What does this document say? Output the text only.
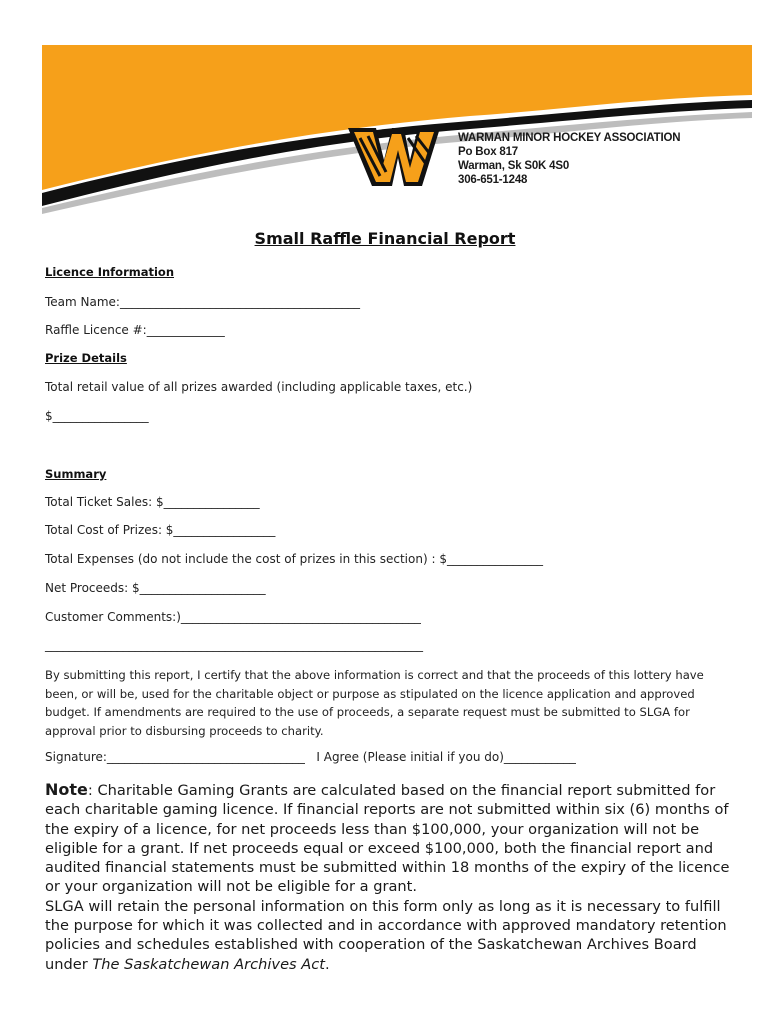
WARMAN MINOR HOCKEY ASSOCIATION
Po Box 817
Warman, Sk S0K 4S0
306-651-1248
Small Raffle Financial Report
Licence Information
Team Name:________________________________________
Raffle Licence #:_____________
Prize Details
Total retail value of all prizes awarded (including applicable taxes, etc.)
$________________
Summary
Total Ticket Sales: $________________
Total Cost of Prizes: $_________________
Total Expenses (do not include the cost of prizes in this section) : $________________
Net Proceeds: $_____________________
Customer Comments:)________________________________________
_______________________________________________________________
By submitting this report, I certify that the above information is correct and that the proceeds of this lottery have been, or will be, used for the charitable object or purpose as stipulated on the licence application and approved budget. If amendments are required to the use of proceeds, a separate request must be submitted to SLGA for approval prior to disbursing proceeds to charity.
Signature:_________________________________   I Agree (Please initial if you do)____________
Note: Charitable Gaming Grants are calculated based on the financial report submitted for each charitable gaming licence. If financial reports are not submitted within six (6) months of the expiry of a licence, for net proceeds less than $100,000, your organization will not be eligible for a grant. If net proceeds equal or exceed $100,000, both the financial report and audited financial statements must be submitted within 18 months of the expiry of the licence or your organization will not be eligible for a grant.
SLGA will retain the personal information on this form only as long as it is necessary to fulfill the purpose for which it was collected and in accordance with approved mandatory retention policies and schedules established with cooperation of the Saskatchewan Archives Board under The Saskatchewan Archives Act.
